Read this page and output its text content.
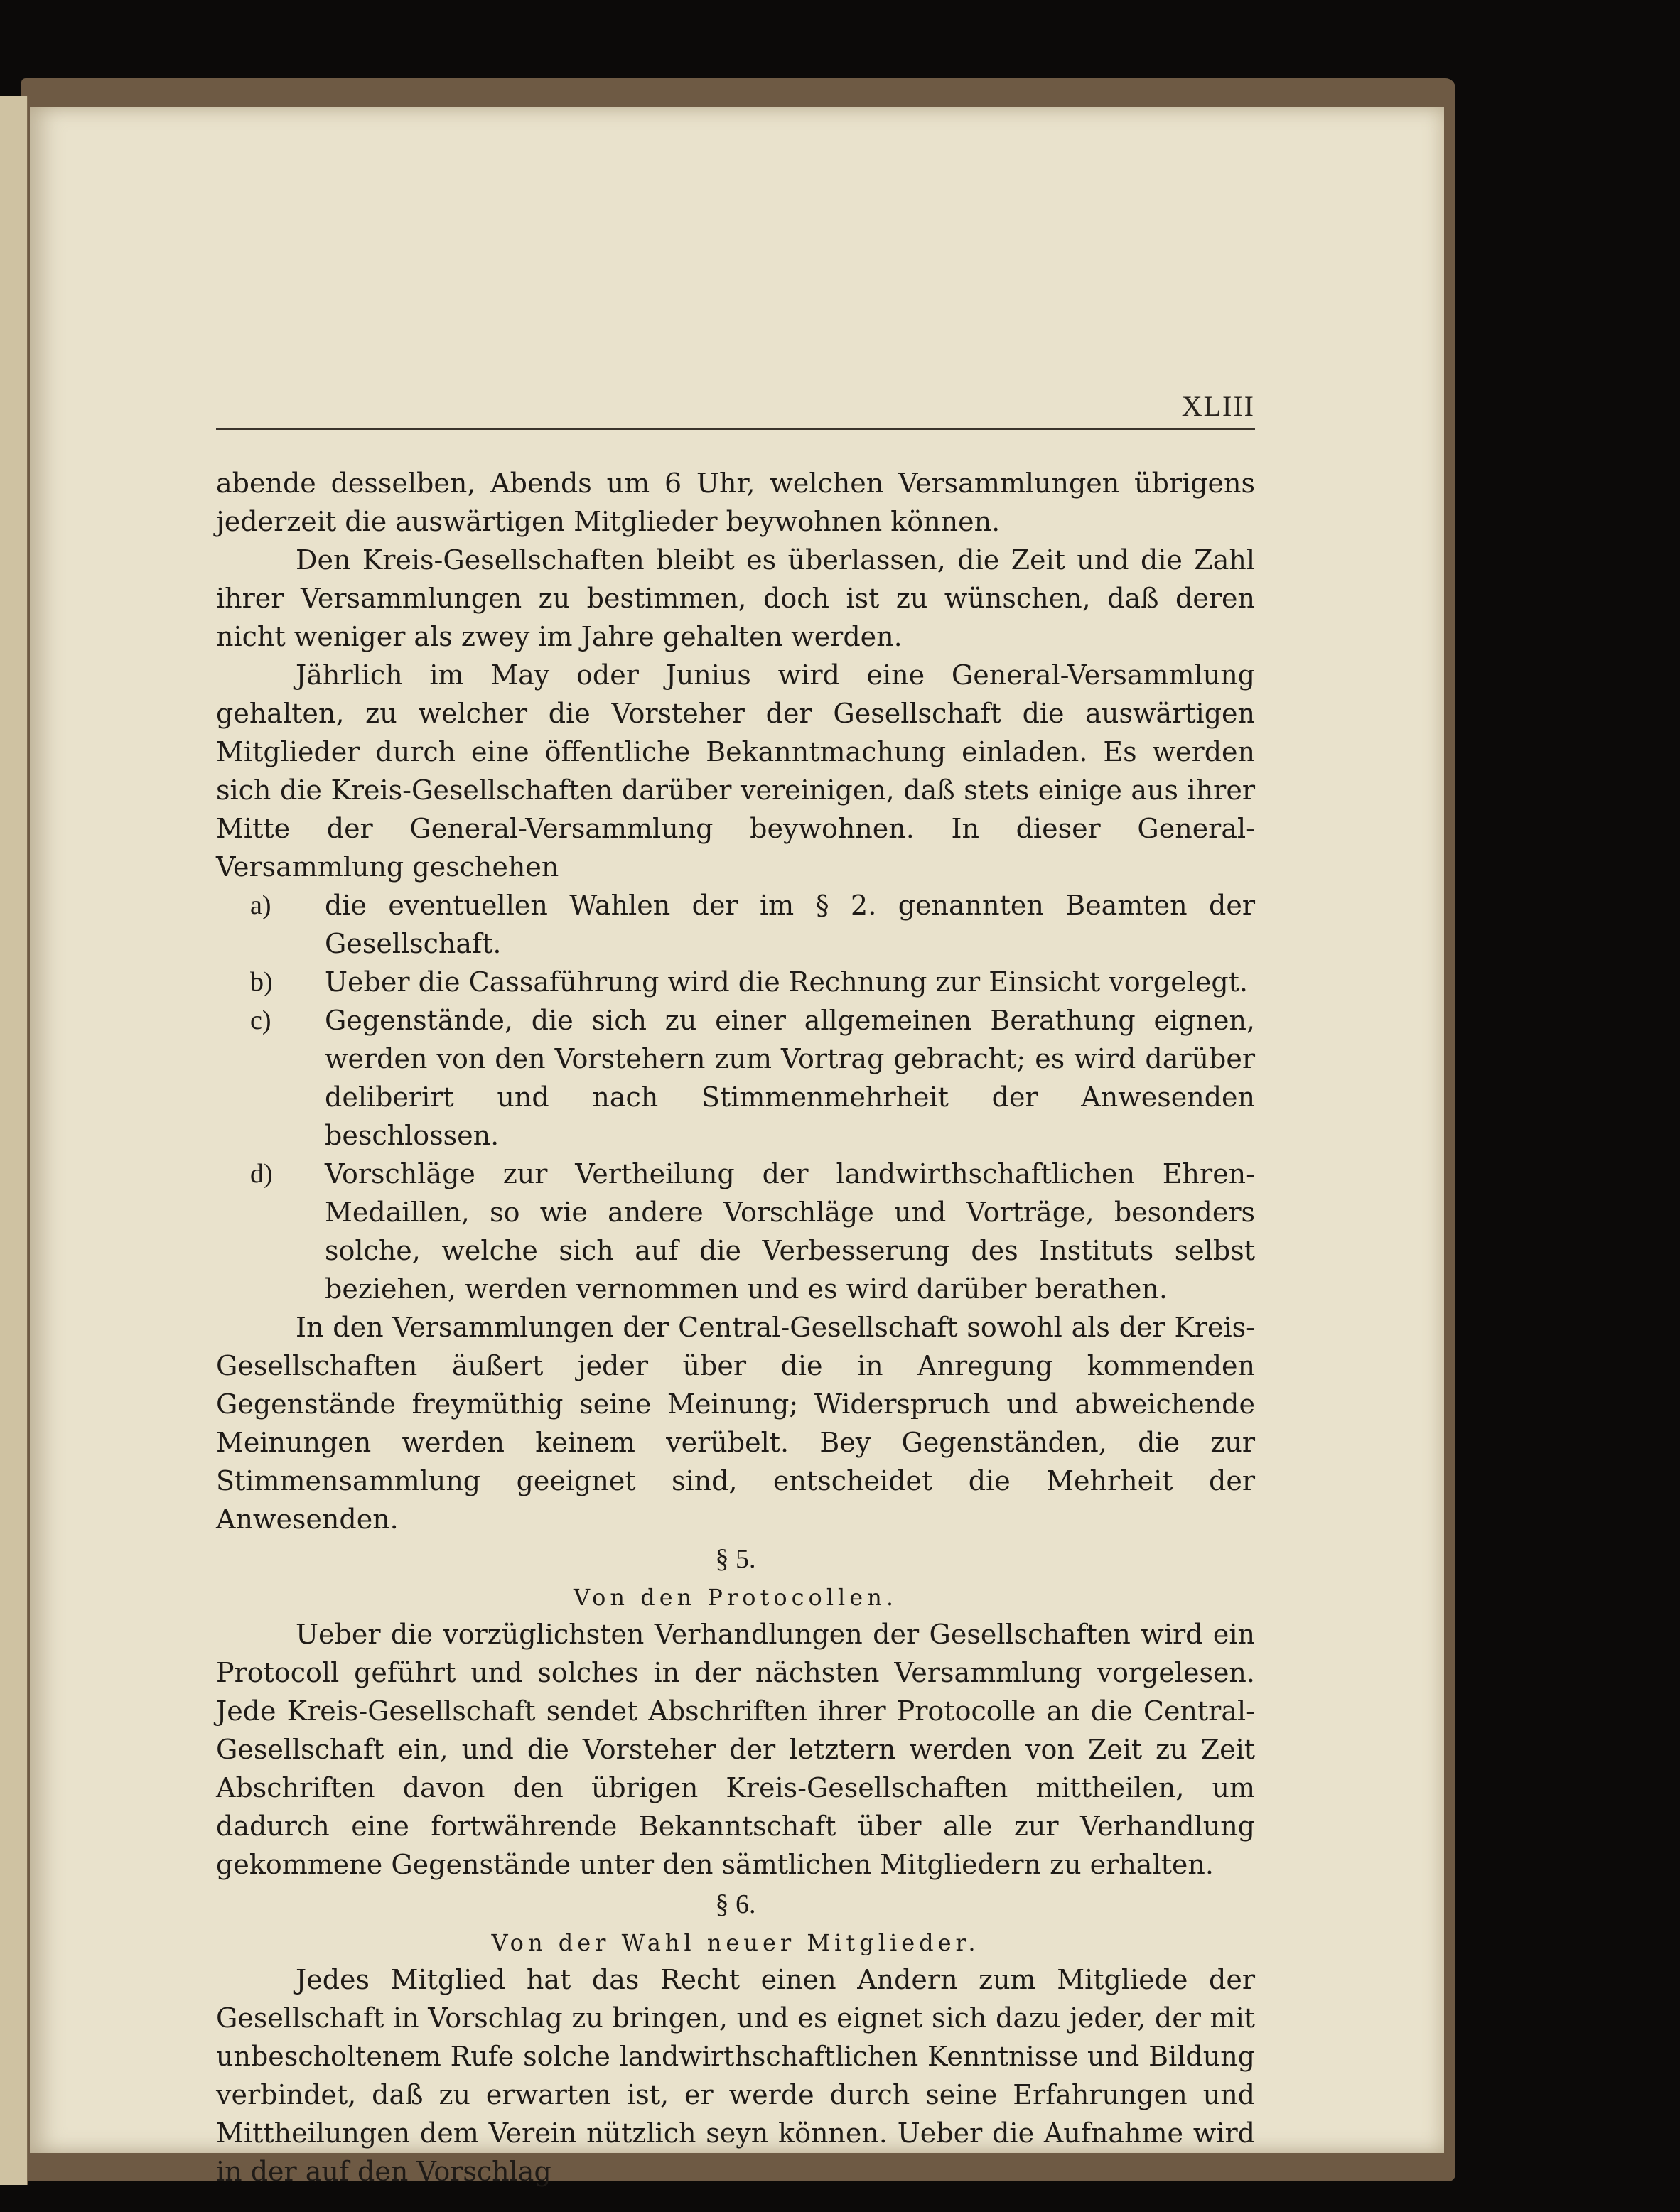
XLIII

abende desselben, Abends um 6 Uhr, welchen Versammlungen übrigens jederzeit die auswärtigen Mitglieder beywohnen können.

Den Kreis-Gesellschaften bleibt es überlassen, die Zeit und die Zahl ihrer Versammlungen zu bestimmen, doch ist zu wünschen, daß deren nicht weniger als zwey im Jahre gehalten werden.

Jährlich im May oder Junius wird eine General-Versammlung gehalten, zu welcher die Vorsteher der Gesellschaft die auswärtigen Mitglieder durch eine öffentliche Bekanntmachung einladen. Es werden sich die Kreis-Gesellschaften darüber vereinigen, daß stets einige aus ihrer Mitte der General-Versammlung beywohnen. In dieser General-Versammlung geschehen

a)	die eventuellen Wahlen der im § 2. genannten Beamten der Gesellschaft.
b)	Ueber die Cassaführung wird die Rechnung zur Einsicht vorgelegt.
c)	Gegenstände, die sich zu einer allgemeinen Berathung eignen, werden von den Vorstehern zum Vortrag gebracht; es wird darüber deliberirt und nach Stimmenmehrheit der Anwesenden beschlossen.
d)	Vorschläge zur Vertheilung der landwirthschaftlichen Ehren-Medaillen, so wie andere Vorschläge und Vorträge, besonders solche, welche sich auf die Verbesserung des Instituts selbst beziehen, werden vernommen und es wird darüber berathen.

In den Versammlungen der Central-Gesellschaft sowohl als der Kreis-Gesellschaften äußert jeder über die in Anregung kommenden Gegenstände freymüthig seine Meinung; Widerspruch und abweichende Meinungen werden keinem verübelt. Bey Gegenständen, die zur Stimmensammlung geeignet sind, entscheidet die Mehrheit der Anwesenden.

§ 5.
Von den Protocollen.

Ueber die vorzüglichsten Verhandlungen der Gesellschaften wird ein Protocoll geführt und solches in der nächsten Versammlung vorgelesen. Jede Kreis-Gesellschaft sendet Abschriften ihrer Protocolle an die Central-Gesellschaft ein, und die Vorsteher der letztern werden von Zeit zu Zeit Abschriften davon den übrigen Kreis-Gesellschaften mittheilen, um dadurch eine fortwährende Bekanntschaft über alle zur Verhandlung gekommene Gegenstände unter den sämtlichen Mitgliedern zu erhalten.

§ 6.
Von der Wahl neuer Mitglieder.

Jedes Mitglied hat das Recht einen Andern zum Mitgliede der Gesellschaft in Vorschlag zu bringen, und es eignet sich dazu jeder, der mit unbescholtenem Rufe solche landwirthschaftlichen Kenntnisse und Bildung verbindet, daß zu erwarten ist, er werde durch seine Erfahrungen und Mittheilungen dem Verein nützlich seyn können. Ueber die Aufnahme wird in der auf den Vorschlag
